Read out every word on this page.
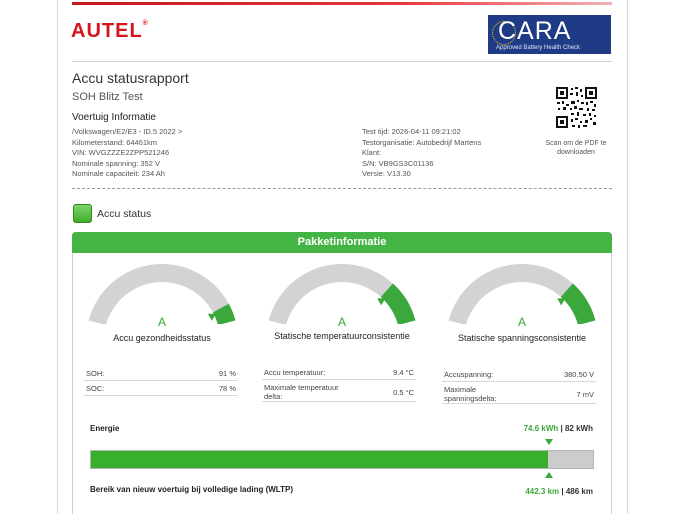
AUTEL®	CARA
Approved Battery Health Check
Accu statusrapport
SOH Blitz Test
Voertuig Informatie
/Volkswagen/E2/E3 - ID.5 2022 >
Kilometerstand: 64461km
VIN: WVGZZZE2ZPP521246
Nominale spanning: 352 V
Nominale capaciteit: 234 Ah
Test tijd: 2026-04-11 09:21:02
Testorganisatie: Autobedrijf Martens
Klant:
S/N: VB9GS3C01136
Versie: V13.30
Scan om de PDF te downloaden
Accu status
Pakketinformatie
A	A	A
Accu gezondheidsstatus	Statische temperatuurconsistentie	Statische spanningsconsistentie
SOH:	91 %
SOC:	78 %
Accu temperatuur:	9.4 °C
Maximale temperatuur delta:	0.5 °C
Accuspanning:	380.50 V
Maximale spanningsdelta:	7 mV
Energie	74.6 kWh | 82 kWh
Bereik van nieuw voertuig bij volledige lading (WLTP)	442.3 km | 486 km
